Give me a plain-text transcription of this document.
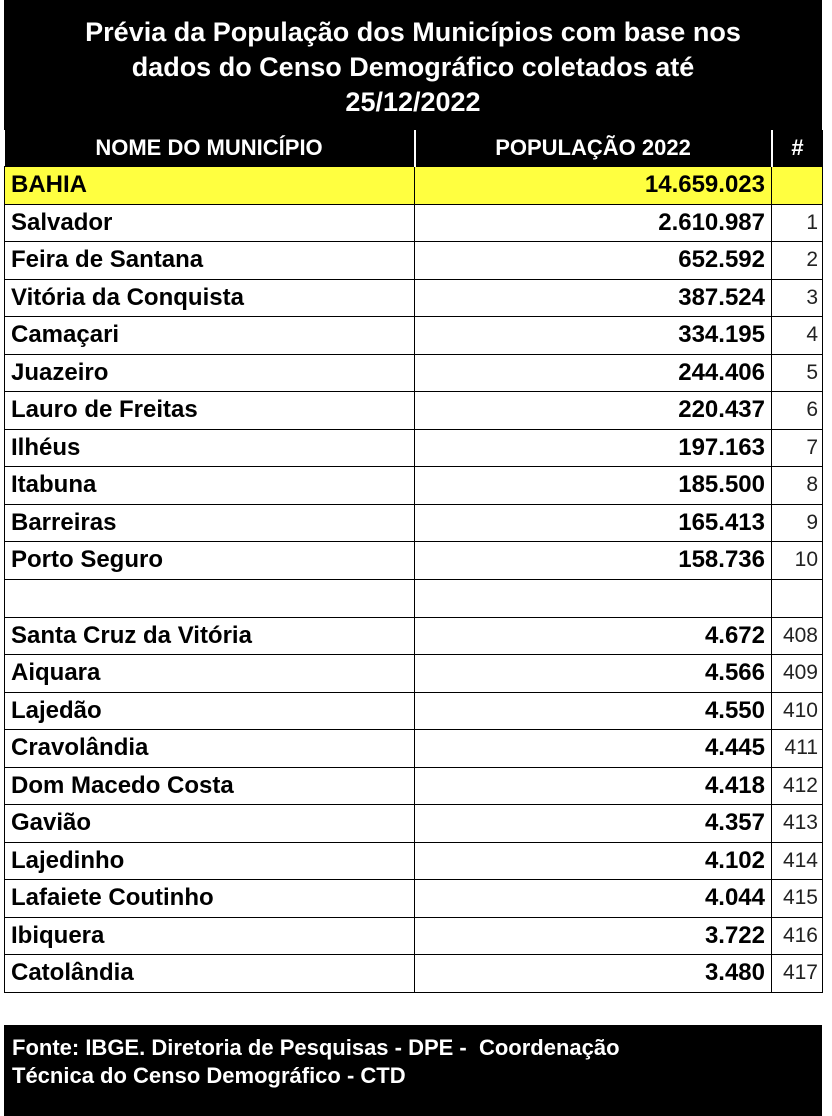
Prévia da População dos Municípios com base nos
dados do Censo Demográfico coletados até
25/12/2022
NOME DO MUNICÍPIO	POPULAÇÃO 2022	#
BAHIA	14.659.023	
Salvador	2.610.987	1
Feira de Santana	652.592	2
Vitória da Conquista	387.524	3
Camaçari	334.195	4
Juazeiro	244.406	5
Lauro de Freitas	220.437	6
Ilhéus	197.163	7
Itabuna	185.500	8
Barreiras	165.413	9
Porto Seguro	158.736	10

Santa Cruz da Vitória	4.672	408
Aiquara	4.566	409
Lajedão	4.550	410
Cravolândia	4.445	411
Dom Macedo Costa	4.418	412
Gavião	4.357	413
Lajedinho	4.102	414
Lafaiete Coutinho	4.044	415
Ibiquera	3.722	416
Catolândia	3.480	417
Fonte: IBGE. Diretoria de Pesquisas - DPE -  Coordenação
Técnica do Censo Demográfico - CTD
